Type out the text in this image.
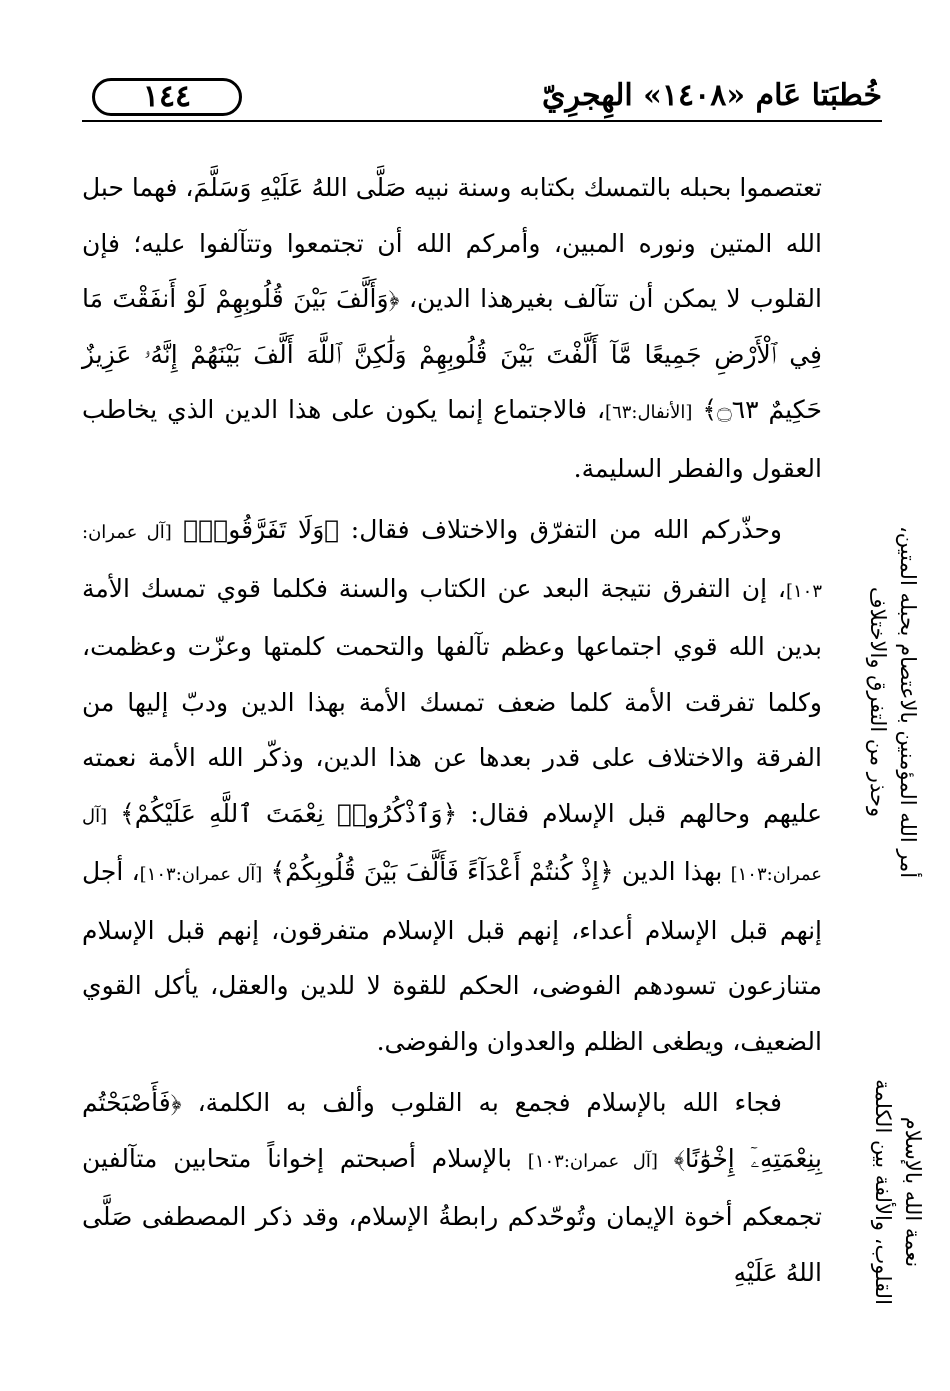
١٤٤	خُطبَتا عَام «١٤٠٨» الهِجرِيّ

تعتصموا بحبله بالتمسك بكتابه وسنة نبيه صَلَّى اللهُ عَلَيْهِ وَسَلَّمَ، فهما حبل الله المتين ونوره المبين، وأمركم الله أن تجتمعوا وتتآلفوا عليه؛ فإن القلوب لا يمكن أن تتآلف بغيرهذا الدين، ﴿وَأَلَّفَ بَيْنَ قُلُوبِهِمْ لَوْ أَنفَقْتَ مَا فِي ٱلْأَرْضِ جَمِيعًا مَّآ أَلَّفْتَ بَيْنَ قُلُوبِهِمْ وَلَٰكِنَّ ٱللَّهَ أَلَّفَ بَيْنَهُمْ إِنَّهُۥ عَزِيزٌ حَكِيمٌ ۝٦٣﴾ [الأنفال:٦٣]، فالاجتماع إنما يكون على هذا الدين الذي يخاطب العقول والفطر السليمة.

وحذّركم الله من التفرّق والاختلاف فقال: ﴿وَلَا تَفَرَّقُوا۟﴾ [آل عمران: ١٠٣]، إن التفرق نتيجة البعد عن الكتاب والسنة فكلما قوي تمسك الأمة بدين الله قوي اجتماعها وعظم تآلفها والتحمت كلمتها وعزّت وعظمت، وكلما تفرقت الأمة كلما ضعف تمسك الأمة بهذا الدين ودبّ إليها من الفرقة والاختلاف على قدر بعدها عن هذا الدين، وذكّر الله الأمة نعمته عليهم وحالهم قبل الإسلام فقال: ﴿وَٱذْكُرُوا۟ نِعْمَتَ ٱللَّهِ عَلَيْكُمْ﴾ [آل عمران:١٠٣] بهذا الدين ﴿إِذْ كُنتُمْ أَعْدَآءً فَأَلَّفَ بَيْنَ قُلُوبِكُمْ﴾ [آل عمران:١٠٣]، أجل إنهم قبل الإسلام أعداء، إنهم قبل الإسلام متفرقون، إنهم قبل الإسلام متنازعون تسودهم الفوضى، الحكم للقوة لا للدين والعقل، يأكل القوي الضعيف، ويطغى الظلم والعدوان والفوضى.

فجاء الله بالإسلام فجمع به القلوب وألف به الكلمة، ﴿فَأَصْبَحْتُم بِنِعْمَتِهِۦٓ إِخْوَٰنًا﴾ [آل عمران:١٠٣] بالإسلام أصبحتم إخواناً متحابين متآلفين تجمعكم أخوة الإيمان وتُوحّدكم رابطةُ الإسلام، وقد ذكر المصطفى صَلَّى اللهُ عَلَيْهِ

أمر الله المؤمنين بالاعتصام بحبله المتين،
وحذر من التفرق والاختلاف
نعمة الله بالإسلام
القلوب، والألفة بين الكلمة
